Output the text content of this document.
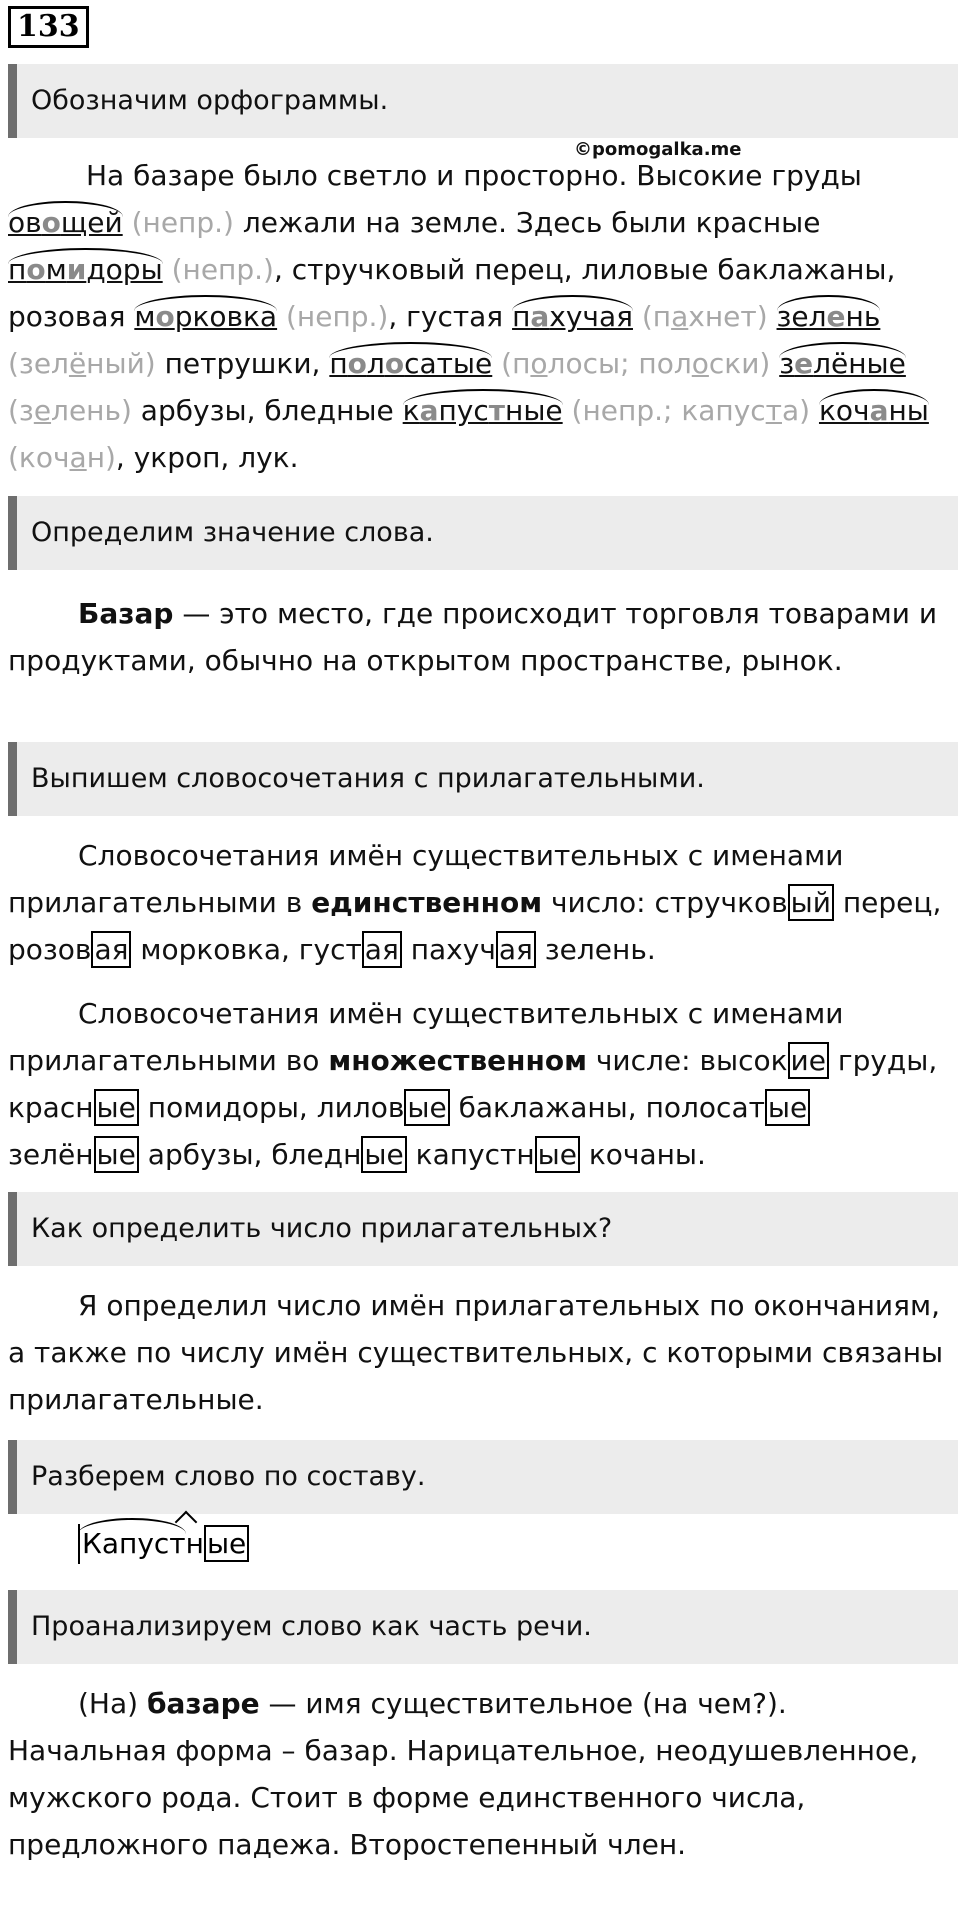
133
Обозначим орфограммы.
©pomogalka.me
На базаре было светло и просторно. Высокие груды овощей (непр.) лежали на земле. Здесь были красные помидоры (непр.), стручковый перец, лиловые баклажаны, розовая морковка (непр.), густая пахучая (пахнет) зелень (зелёный) петрушки, полосатые (полосы; полоски) зелёные (зелень) арбузы, бледные капустные (непр.; капуста) кочаны (кочан), укроп, лук.
Определим значение слова.
Базар — это место, где происходит торговля товарами и продуктами, обычно на открытом пространстве, рынок.
Выпишем словосочетания с прилагательными.
Словосочетания имён существительных с именами прилагательными в единственном число: стручков ый перец, розов ая морковка, густ ая пахуч ая зелень.
Словосочетания имён существительных с именами прилагательными во множественном числе: высок ие груды, красн ые помидоры, лилов ые баклажаны, полосат ые зелён ые арбузы, бледн ые капустн ые кочаны.
Как определить число прилагательных?
Я определил число имён прилагательных по окончаниям, а также по числу имён существительных, с которыми связаны прилагательные.
Разберем слово по составу.
Капустн ые
Проанализируем слово как часть речи.
(На) базаре — имя существительное (на чем?). Начальная форма – базар. Нарицательное, неодушевленное, мужского рода. Стоит в форме единственного числа, предложного падежа. Второстепенный член.
